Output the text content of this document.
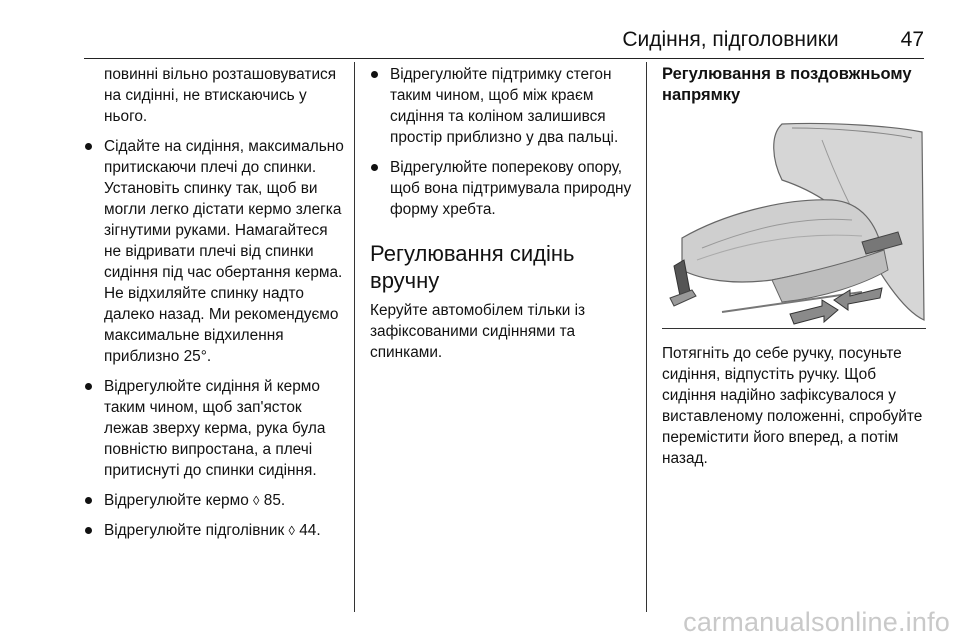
Сидіння, підголовники	47
повинні вільно розташовуватися на сидінні, не втискаючись у нього.
Сідайте на сидіння, максимально притискаючи плечі до спинки. Установіть спинку так, щоб ви могли легко дістати кермо злегка зігнутими руками. Намагайтеся не відривати плечі від спинки сидіння під час обертання керма. Не відхиляйте спинку надто далеко назад. Ми рекомендуємо максимальне відхилення приблизно 25°.
Відрегулюйте сидіння й кермо таким чином, щоб зап'ясток лежав зверху керма, рука була повністю випростана, а плечі притиснуті до спинки сидіння.
Відрегулюйте кермо ◊ 85.
Відрегулюйте підголівник ◊ 44.
Відрегулюйте підтримку стегон таким чином, щоб між краєм сидіння та коліном залишився простір приблизно у два пальці.
Відрегулюйте поперекову опору, щоб вона підтримувала природну форму хребта.
Регулювання сидінь вручну
Керуйте автомобілем тільки із зафіксованими сидіннями та спинками.
Регулювання в поздовжньому напрямку
Потягніть до себе ручку, посуньте сидіння, відпустіть ручку. Щоб сидіння надійно зафіксувалося у виставленому положенні, спробуйте перемістити його вперед, а потім назад.
carmanualsonline.info
